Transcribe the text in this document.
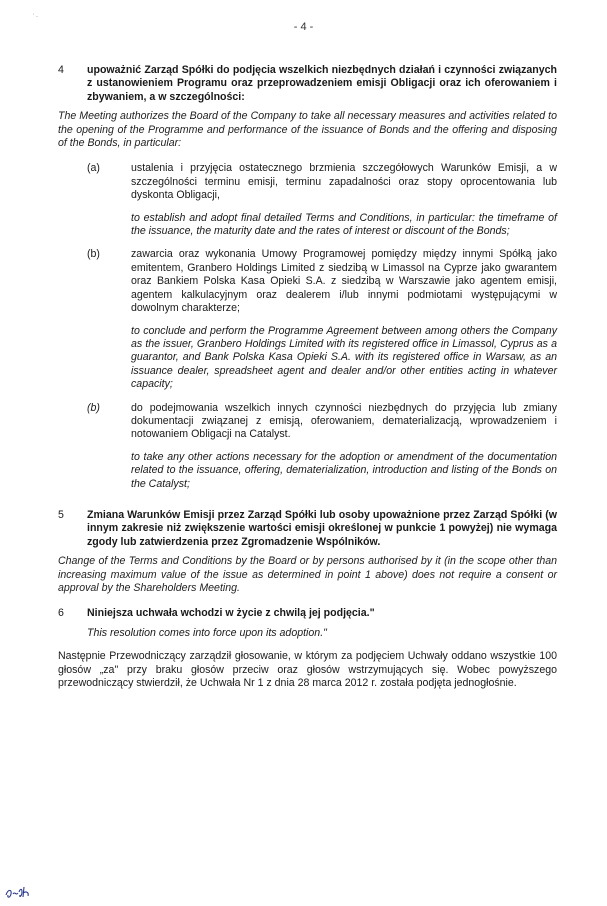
' -
- 4 -
4	upoważnić Zarząd Spółki do podjęcia wszelkich niezbędnych działań i czynności związanych z ustanowieniem Programu oraz przeprowadzeniem emisji Obligacji oraz ich oferowaniem i zbywaniem, a w szczególności:
The Meeting authorizes the Board of the Company to take all necessary measures and activities related to the opening of the Programme and performance of the issuance of Bonds and the offering and disposing of the Bonds, in particular:
(a)	ustalenia i przyjęcia ostatecznego brzmienia szczegółowych Warunków Emisji, a w szczególności terminu emisji, terminu zapadalności oraz stopy oprocentowania lub dyskonta Obligacji,
to establish and adopt final detailed Terms and Conditions, in particular: the timeframe of the issuance, the maturity date and the rates of interest or discount of the Bonds;
(b)	zawarcia oraz wykonania Umowy Programowej pomiędzy między innymi Spółką jako emitentem, Granbero Holdings Limited z siedzibą w Limassol na Cyprze jako gwarantem oraz Bankiem Polska Kasa Opieki S.A. z siedzibą w Warszawie jako agentem emisji, agentem kalkulacyjnym oraz dealerem i/lub innymi podmiotami występującymi w dowolnym charakterze;
to conclude and perform the Programme Agreement between among others the Company as the issuer, Granbero Holdings Limited with its registered office in Limassol, Cyprus as a guarantor, and Bank Polska Kasa Opieki S.A. with its registered office in Warsaw, as an issuance dealer, spreadsheet agent and dealer and/or other entities acting in whatever capacity;
(b)	do podejmowania wszelkich innych czynności niezbędnych do przyjęcia lub zmiany dokumentacji związanej z emisją, oferowaniem, dematerializacją, wprowadzeniem i notowaniem Obligacji na Catalyst.
to take any other actions necessary for the adoption or amendment of the documentation related to the issuance, offering, dematerialization, introduction and listing of the Bonds on the Catalyst;
5	Zmiana Warunków Emisji przez Zarząd Spółki lub osoby upoważnione przez Zarząd Spółki (w innym zakresie niż zwiększenie wartości emisji określonej w punkcie 1 powyżej) nie wymaga zgody lub zatwierdzenia przez Zgromadzenie Wspólników.
Change of the Terms and Conditions by the Board or by persons authorised by it (in the scope other than increasing maximum value of the issue as determined in point 1 above) does not require a consent or approval by the Shareholders Meeting.
6	Niniejsza uchwała wchodzi w życie z chwilą jej podjęcia."
This resolution comes into force upon its adoption."
Następnie Przewodniczący zarządził głosowanie, w którym za podjęciem Uchwały oddano wszystkie 100 głosów „za" przy braku głosów przeciw oraz głosów wstrzymujących się. Wobec powyższego przewodniczący stwierdził, że Uchwała Nr 1 z dnia 28 marca 2012 r. została podjęta jednogłośnie.
